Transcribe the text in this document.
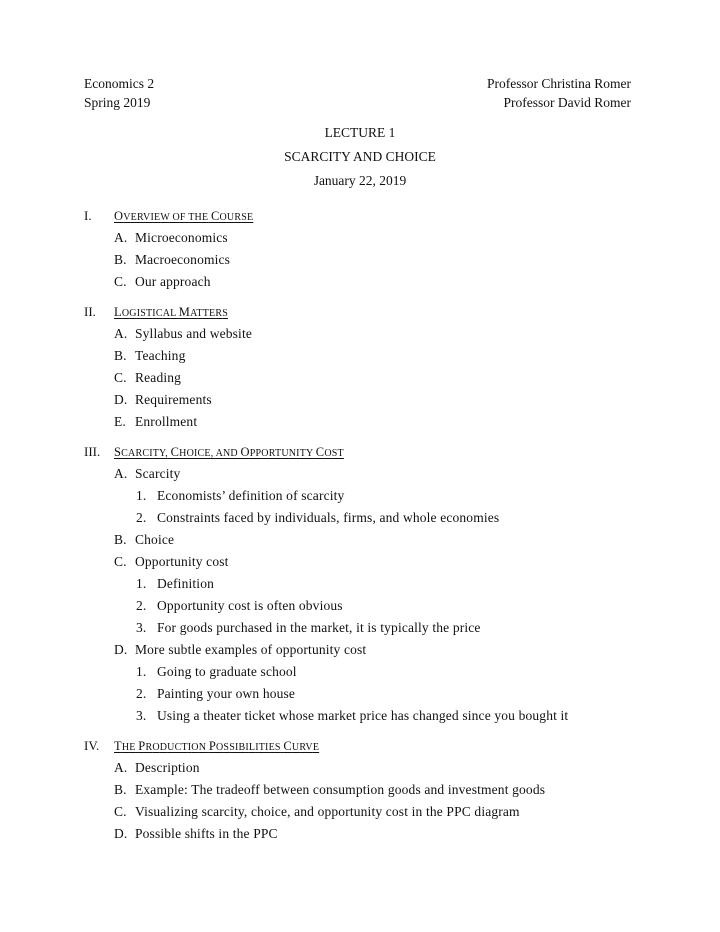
Economics 2
Spring 2019
Professor Christina Romer
Professor David Romer
LECTURE 1
SCARCITY AND CHOICE
January 22, 2019
I. OVERVIEW OF THE COURSE
A. Microeconomics
B. Macroeconomics
C. Our approach
II. LOGISTICAL MATTERS
A. Syllabus and website
B. Teaching
C. Reading
D. Requirements
E. Enrollment
III. SCARCITY, CHOICE, AND OPPORTUNITY COST
A. Scarcity
1. Economists’ definition of scarcity
2. Constraints faced by individuals, firms, and whole economies
B. Choice
C. Opportunity cost
1. Definition
2. Opportunity cost is often obvious
3. For goods purchased in the market, it is typically the price
D. More subtle examples of opportunity cost
1. Going to graduate school
2. Painting your own house
3. Using a theater ticket whose market price has changed since you bought it
IV. THE PRODUCTION POSSIBILITIES CURVE
A. Description
B. Example: The tradeoff between consumption goods and investment goods
C. Visualizing scarcity, choice, and opportunity cost in the PPC diagram
D. Possible shifts in the PPC
